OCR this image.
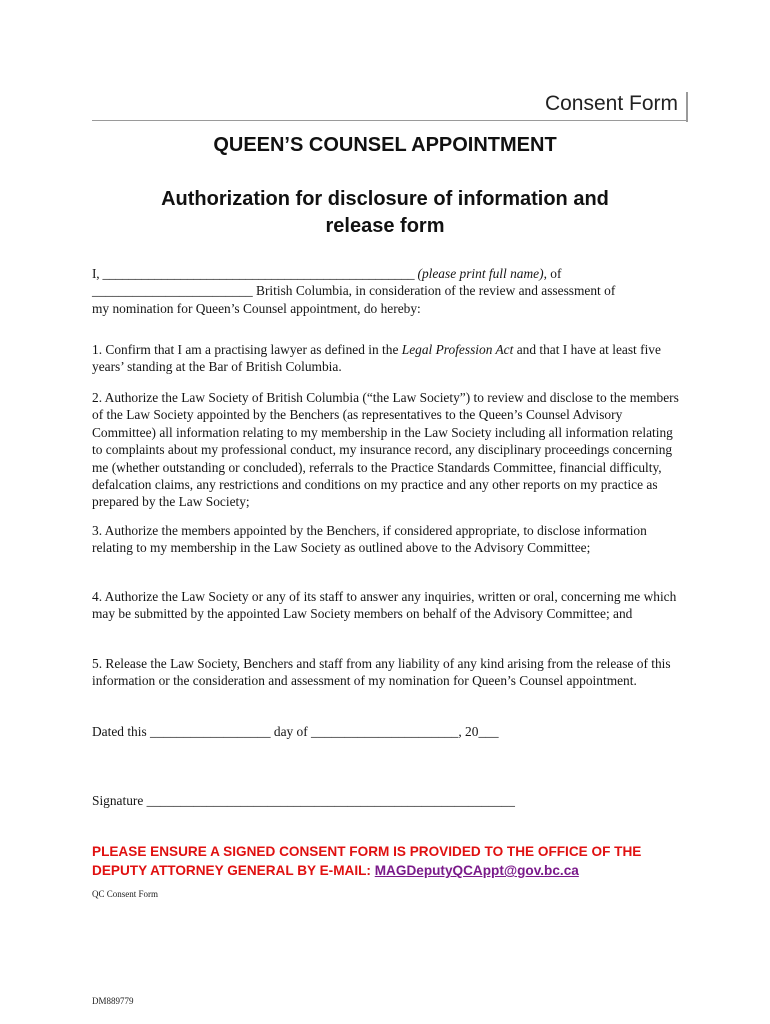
Consent Form
QUEEN’S COUNSEL APPOINTMENT
Authorization for disclosure of information and
release form

I, ________________________________________________ (please print full name), of

________________________ British Columbia, in consideration of the review and assessment of

my nomination for Queen’s Counsel appointment, do hereby:

1. Confirm that I am a practising lawyer as defined in the Legal Profession Act and that I have at least five years’ standing at the Bar of British Columbia.

2. Authorize the Law Society of British Columbia (“the Law Society”) to review and disclose to the members of the Law Society appointed by the Benchers (as representatives to the Queen’s Counsel Advisory Committee) all information relating to my membership in the Law Society including all information relating to complaints about my professional conduct, my insurance record, any disciplinary proceedings concerning me (whether outstanding or concluded), referrals to the Practice Standards Committee, financial difficulty, defalcation claims, any restrictions and conditions on my practice and any other reports on my practice as prepared by the Law Society;

3. Authorize the members appointed by the Benchers, if considered appropriate, to disclose information relating to my membership in the Law Society as outlined above to the Advisory Committee;

4. Authorize the Law Society or any of its staff to answer any inquiries, written or oral, concerning me which may be submitted by the appointed Law Society members on behalf of the Advisory Committee; and

5. Release the Law Society, Benchers and staff from any liability of any kind arising from the release of this information or the consideration and assessment of my nomination for Queen’s Counsel appointment.

Dated this __________________ day of ______________________, 20___

Signature _______________________________________________________

PLEASE ENSURE A SIGNED CONSENT FORM IS PROVIDED TO THE OFFICE OF THE DEPUTY ATTORNEY GENERAL BY E-MAIL: MAGDeputyQCAppt@gov.bc.ca
QC Consent Form
DM889779
